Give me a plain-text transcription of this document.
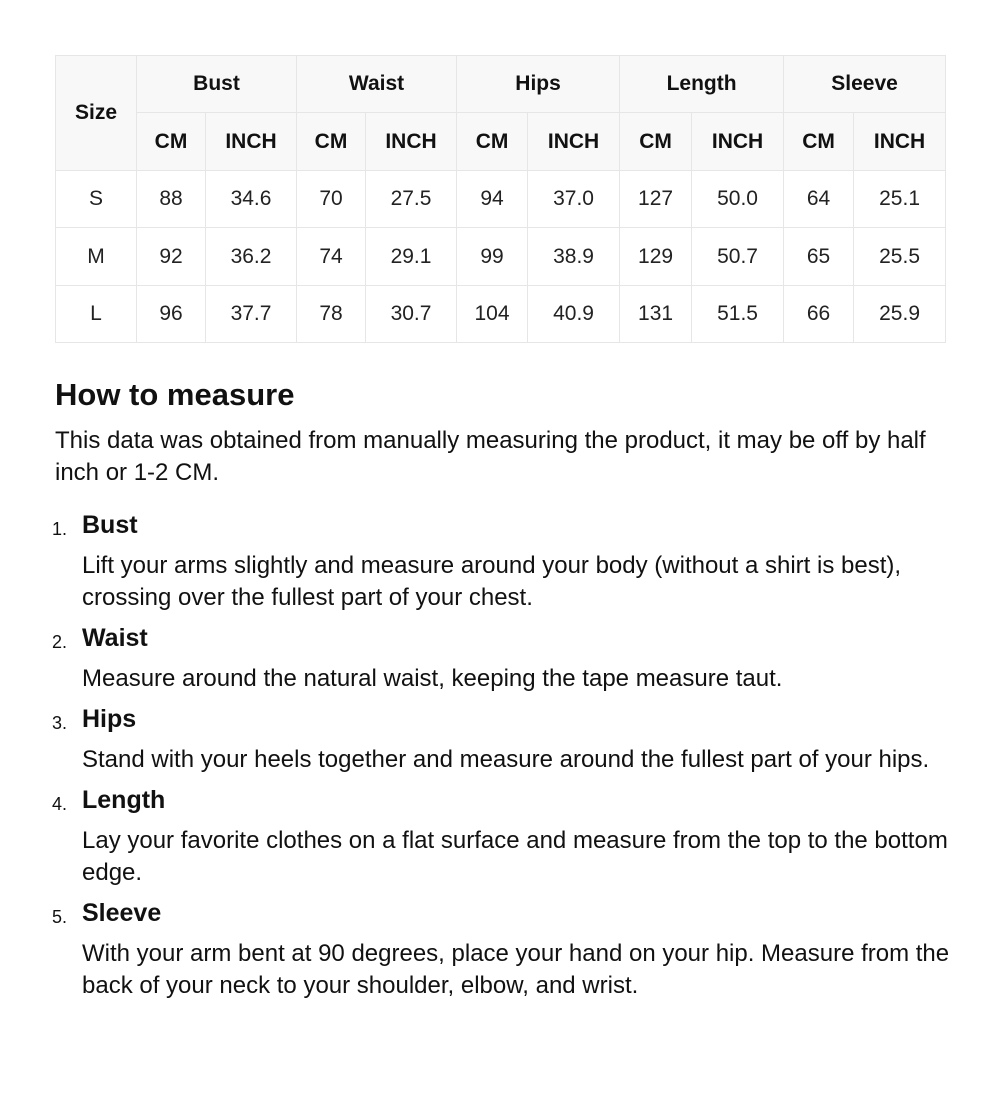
Size	Bust		Waist		Hips		Length		Sleeve	
	CM	INCH	CM	INCH	CM	INCH	CM	INCH	CM	INCH
S	88	34.6	70	27.5	94	37.0	127	50.0	64	25.1
M	92	36.2	74	29.1	99	38.9	129	50.7	65	25.5
L	96	37.7	78	30.7	104	40.9	131	51.5	66	25.9
How to measure

This data was obtained from manually measuring the product, it may be off by half inch or 1-2 CM.

1. Bust
Lift your arms slightly and measure around your body (without a shirt is best), crossing over the fullest part of your chest.
2. Waist
Measure around the natural waist, keeping the tape measure taut.
3. Hips
Stand with your heels together and measure around the fullest part of your hips.
4. Length
Lay your favorite clothes on a flat surface and measure from the top to the bottom edge.
5. Sleeve
With your arm bent at 90 degrees, place your hand on your hip. Measure from the back of your neck to your shoulder, elbow, and wrist.
